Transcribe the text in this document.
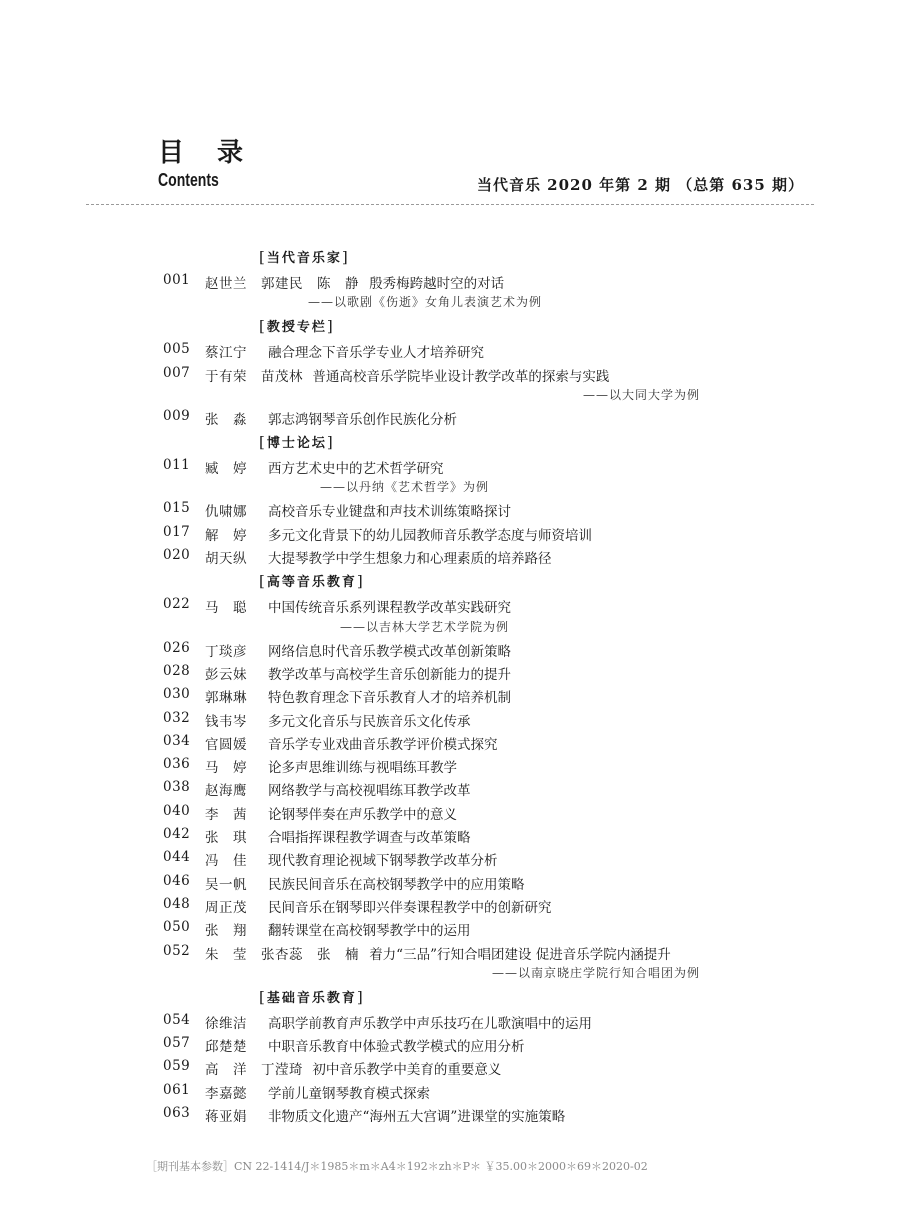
目 录
Contents	当代音乐 2020 年第 2 期 （总第 635 期）
[当代音乐家]
001 赵世兰　郭建民　陈　静 殷秀梅跨越时空的对话
——以歌剧《伤逝》女角儿表演艺术为例
[教授专栏]
005 蔡江宁 融合理念下音乐学专业人才培养研究
007 于有荣　苗茂林 普通高校音乐学院毕业设计教学改革的探索与实践
——以大同大学为例
009 张　淼 郭志鸿钢琴音乐创作民族化分析
[博士论坛]
011 臧　婷 西方艺术史中的艺术哲学研究
——以丹纳《艺术哲学》为例
015 仇啸娜 高校音乐专业键盘和声技术训练策略探讨
017 解　婷 多元文化背景下的幼儿园教师音乐教学态度与师资培训
020 胡天纵 大提琴教学中学生想象力和心理素质的培养路径
[高等音乐教育]
022 马　聪 中国传统音乐系列课程教学改革实践研究
——以吉林大学艺术学院为例
026 丁琰彦 网络信息时代音乐教学模式改革创新策略
028 彭云妹 教学改革与高校学生音乐创新能力的提升
030 郭琳琳 特色教育理念下音乐教育人才的培养机制
032 钱韦岑 多元文化音乐与民族音乐文化传承
034 官圆媛 音乐学专业戏曲音乐教学评价模式探究
036 马　婷 论多声思维训练与视唱练耳教学
038 赵海鹰 网络教学与高校视唱练耳教学改革
040 李　茜 论钢琴伴奏在声乐教学中的意义
042 张　琪 合唱指挥课程教学调查与改革策略
044 冯　佳 现代教育理论视域下钢琴教学改革分析
046 吴一帆 民族民间音乐在高校钢琴教学中的应用策略
048 周正茂 民间音乐在钢琴即兴伴奏课程教学中的创新研究
050 张　翔 翻转课堂在高校钢琴教学中的运用
052 朱　莹　张杏蕊　张　楠 着力“三品”行知合唱团建设 促进音乐学院内涵提升
——以南京晓庄学院行知合唱团为例
[基础音乐教育]
054 徐维洁 高职学前教育声乐教学中声乐技巧在儿歌演唱中的运用
057 邱楚楚 中职音乐教育中体验式教学模式的应用分析
059 高　洋　丁滢琦 初中音乐教学中美育的重要意义
061 李嘉懿 学前儿童钢琴教育模式探索
063 蒋亚娟 非物质文化遗产“海州五大宫调”进课堂的实施策略
［期刊基本参数］CN 22-1414/J＊1985＊m＊A4＊192＊zh＊P＊ ￥35.00＊2000＊69＊2020-02
